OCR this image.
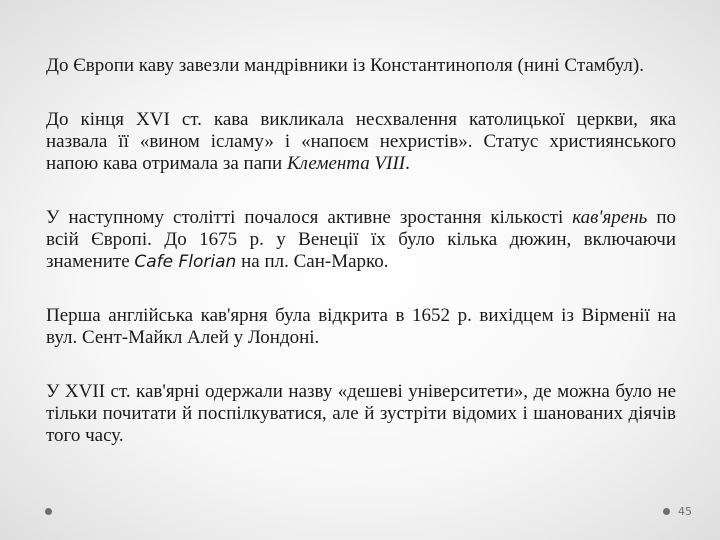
До Європи каву завезли мандрівники із Константинополя (нині Стамбул).

До кінця XVI ст. кава викликала несхвалення католицької церкви, яка назвала її «вином ісламу» і «напоєм нехристів». Статус християнського напою кава отримала за папи Клемента VIII.

У наступному столітті почалося активне зростання кількості кав'ярень по всій Європі. До 1675 р. у Венеції їх було кілька дюжин, включаючи знамените Cafe Florian на пл. Сан-Марко.

Перша англійська кав'ярня була відкрита в 1652 р. вихідцем із Вірменії на вул. Сент-Майкл Алей у Лондоні.

У XVII ст. кав'ярні одержали назву «дешеві університети», де можна було не тільки почитати й поспілкуватися, але й зустріти відомих і шанованих діячів того часу.

45
